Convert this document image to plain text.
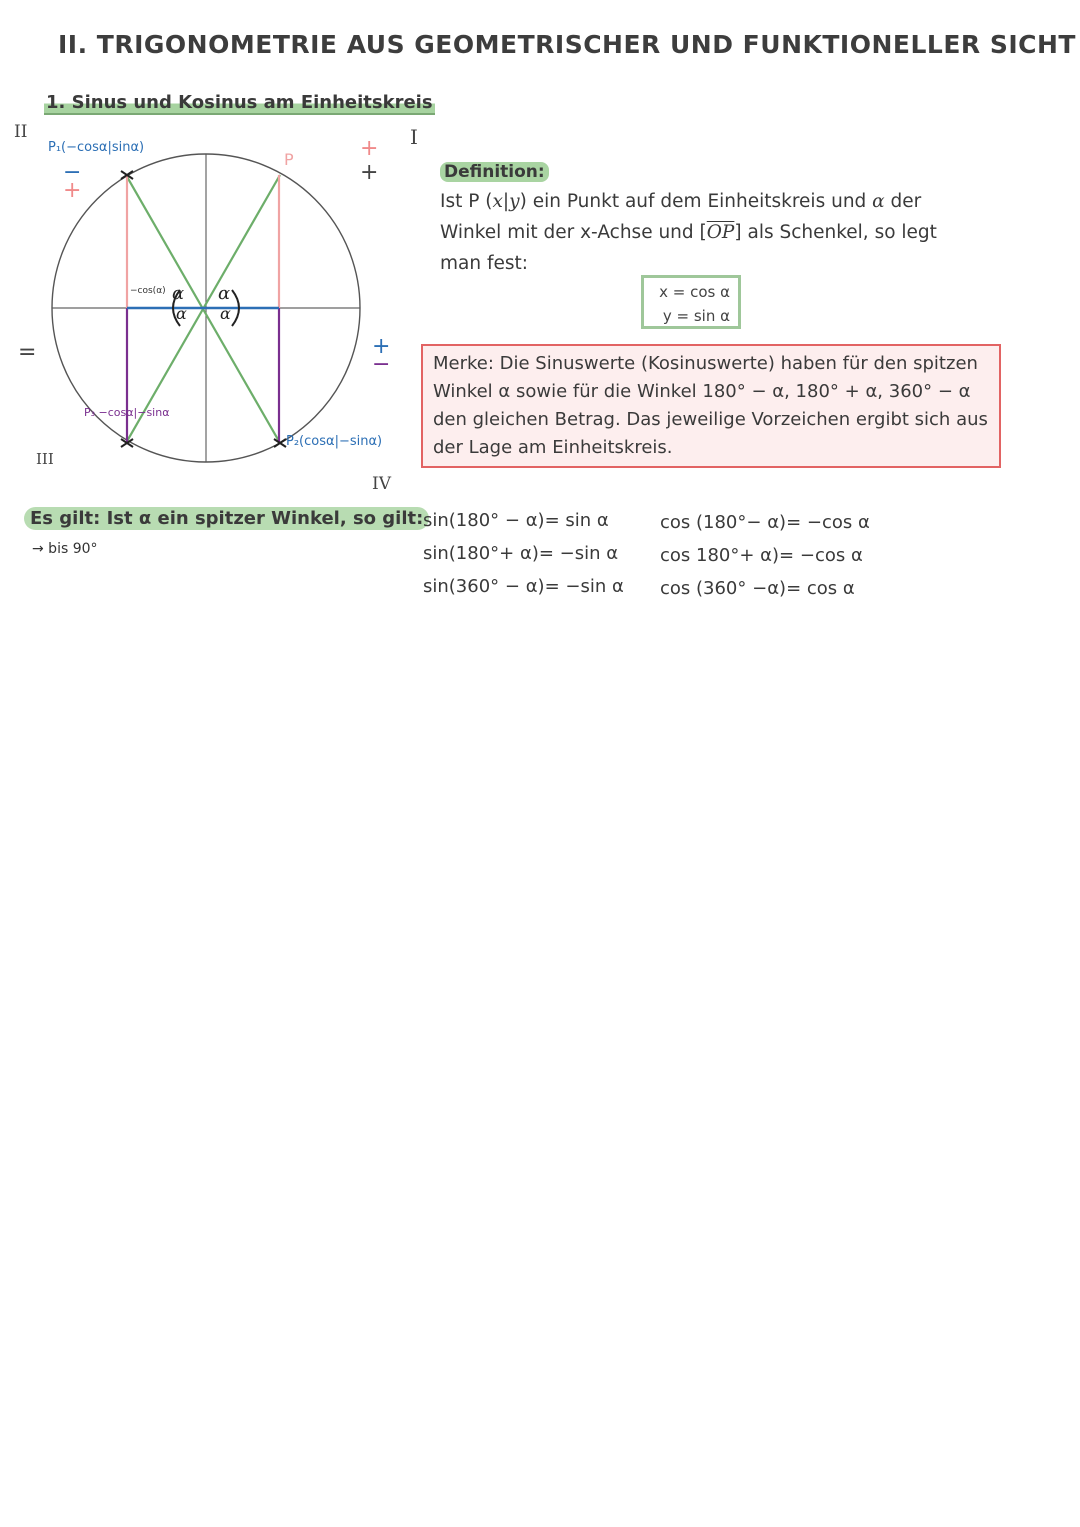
II. TRIGONOMETRIE AUS GEOMETRISCHER UND FUNKTIONELLER SICHT
1. Sinus und Kosinus am Einheitskreis
I
II
III
IV
=
+
+
−
+
+
−
P₁(−cosα|sinα)
P
P₂(cosα|−sinα)
P₃ −cosα|−sinα
−cos(α) α
α
α
α
Definition:
Ist P (x|y) ein Punkt auf dem Einheitskreis und α der Winkel mit der x-Achse und $[\overline{OP}]$ als Schenkel, so legt man fest:
x = cos α
y = sin α
Merke: Die Sinuswerte (Kosinuswerte) haben für den spitzen Winkel α sowie für die Winkel 180° − α, 180° + α, 360° − α den gleichen Betrag. Das jeweilige Vorzeichen ergibt sich aus der Lage am Einheitskreis.
Es gilt: Ist α ein spitzer Winkel, so gilt:
→ bis 90°
sin(180° − α)= sin α
sin(180°+ α)= −sin α
sin(360° − α)= −sin α
cos (180°− α)= −cos α
cos 180°+ α)= −cos α
cos (360° −α)= cos α
